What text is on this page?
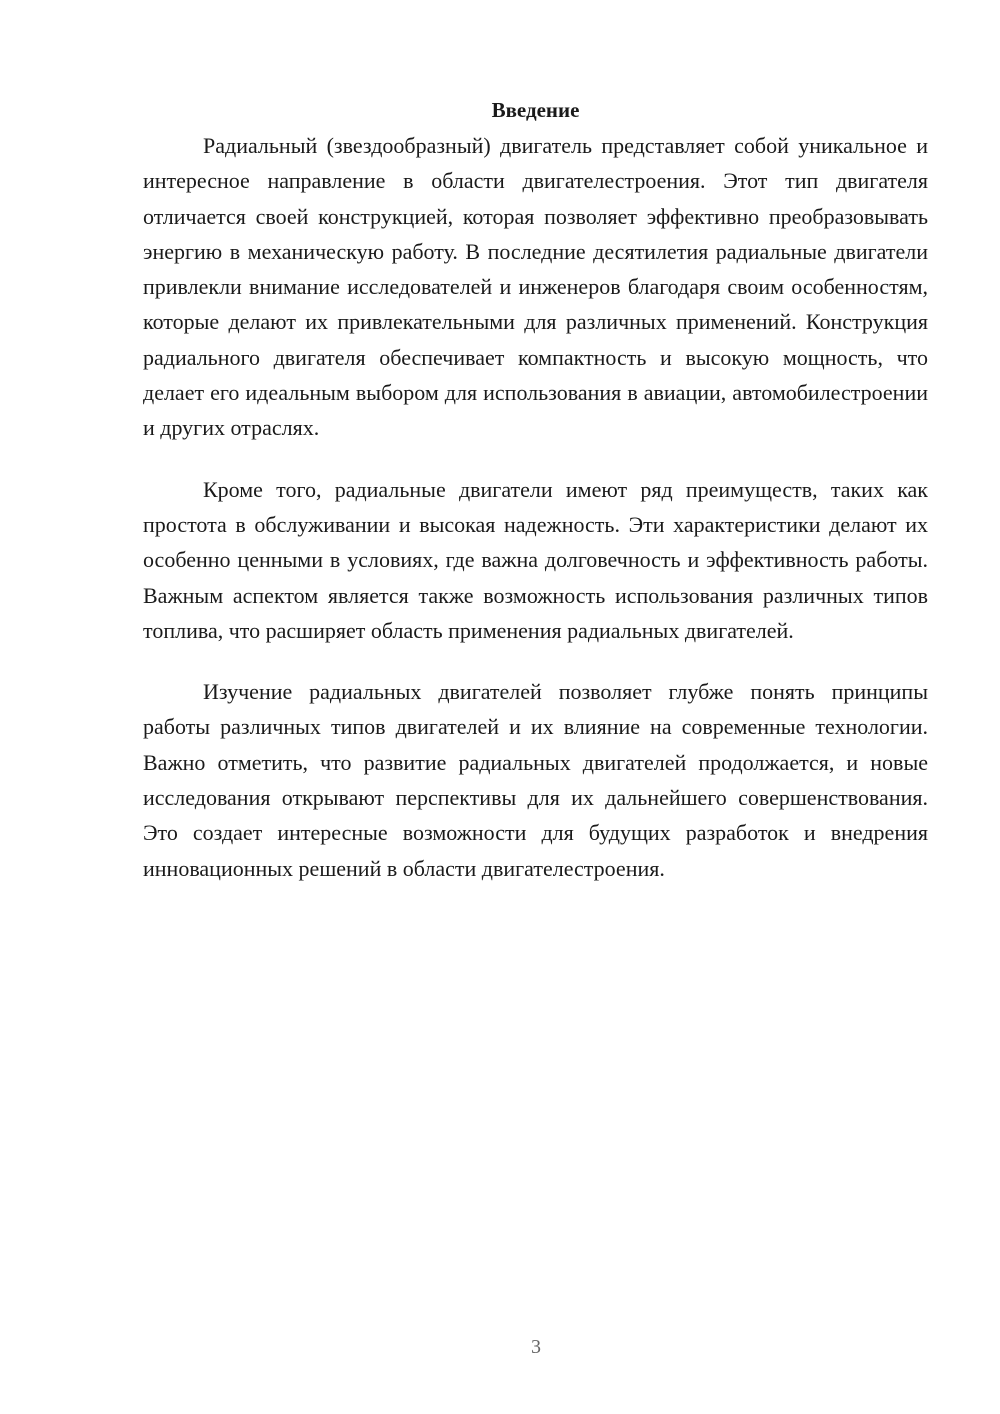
Введение

Радиальный (звездообразный) двигатель представляет собой уникальное и интересное направление в области двигателестроения. Этот тип двигателя отличается своей конструкцией, которая позволяет эффективно преобразовывать энергию в механическую работу. В последние десятилетия радиальные двигатели привлекли внимание исследователей и инженеров благодаря своим особенностям, которые делают их привлекательными для различных применений. Конструкция радиального двигателя обеспечивает компактность и высокую мощность, что делает его идеальным выбором для использования в авиации, автомобилестроении и других отраслях.

Кроме того, радиальные двигатели имеют ряд преимуществ, таких как простота в обслуживании и высокая надежность. Эти характеристики делают их особенно ценными в условиях, где важна долговечность и эффективность работы. Важным аспектом является также возможность использования различных типов топлива, что расширяет область применения радиальных двигателей.

Изучение радиальных двигателей позволяет глубже понять принципы работы различных типов двигателей и их влияние на современные технологии. Важно отметить, что развитие радиальных двигателей продолжается, и новые исследования открывают перспективы для их дальнейшего совершенствования. Это создает интересные возможности для будущих разработок и внедрения инновационных решений в области двигателестроения.

3
